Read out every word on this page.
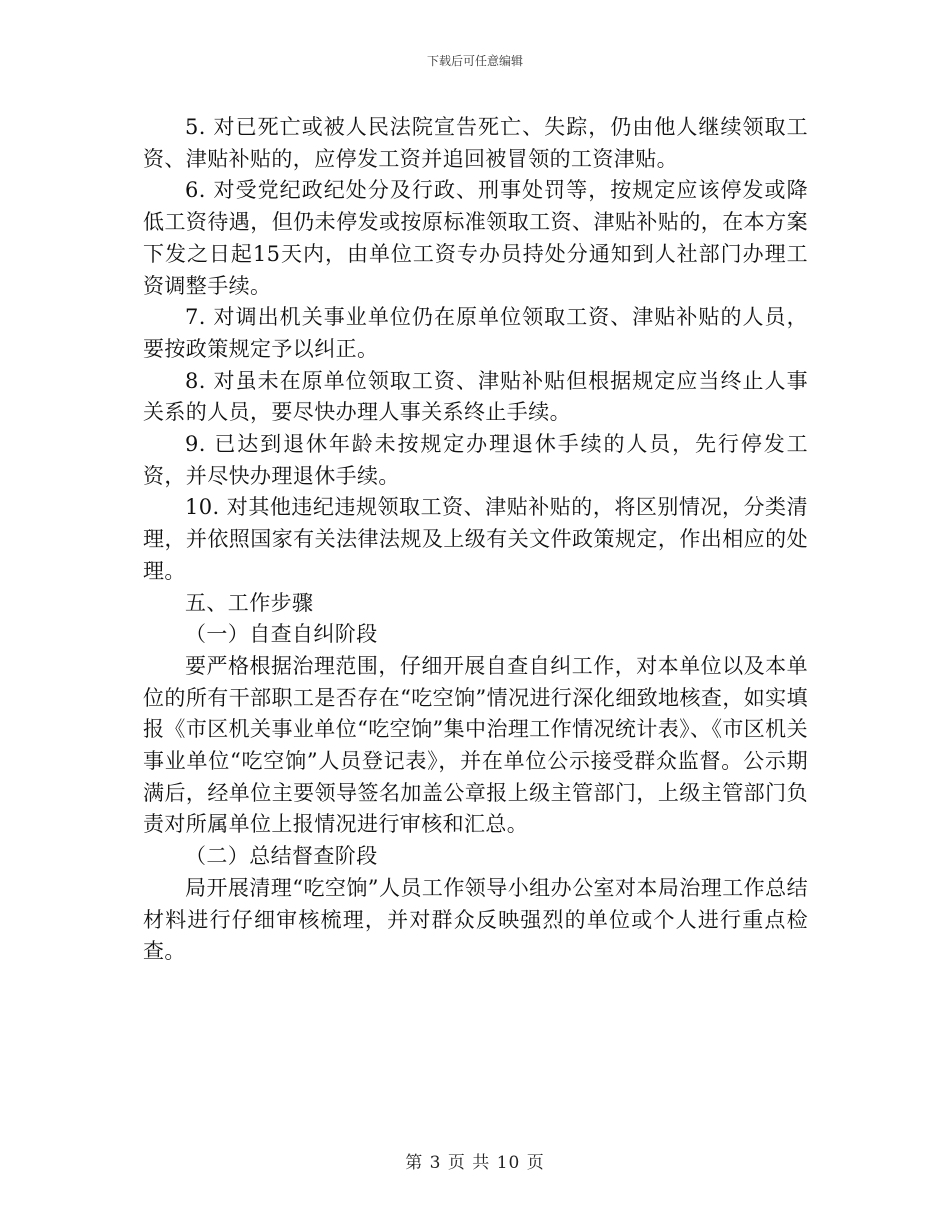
下载后可任意编辑

5. 对已死亡或被人民法院宣告死亡、失踪，仍由他人继续领取工资、津贴补贴的，应停发工资并追回被冒领的工资津贴。

6. 对受党纪政纪处分及行政、刑事处罚等，按规定应该停发或降低工资待遇，但仍未停发或按原标准领取工资、津贴补贴的，在本方案下发之日起15天内，由单位工资专办员持处分通知到人社部门办理工资调整手续。

7. 对调出机关事业单位仍在原单位领取工资、津贴补贴的人员，要按政策规定予以纠正。

8. 对虽未在原单位领取工资、津贴补贴但根据规定应当终止人事关系的人员，要尽快办理人事关系终止手续。

9. 已达到退休年龄未按规定办理退休手续的人员，先行停发工资，并尽快办理退休手续。

10. 对其他违纪违规领取工资、津贴补贴的，将区别情况，分类清理，并依照国家有关法律法规及上级有关文件政策规定，作出相应的处理。

五、工作步骤

（一）自查自纠阶段

要严格根据治理范围，仔细开展自查自纠工作，对本单位以及本单位的所有干部职工是否存在“吃空饷”情况进行深化细致地核查，如实填报《市区机关事业单位“吃空饷”集中治理工作情况统计表》、《市区机关事业单位“吃空饷”人员登记表》，并在单位公示接受群众监督。公示期满后，经单位主要领导签名加盖公章报上级主管部门，上级主管部门负责对所属单位上报情况进行审核和汇总。

（二）总结督查阶段

局开展清理“吃空饷”人员工作领导小组办公室对本局治理工作总结材料进行仔细审核梳理，并对群众反映强烈的单位或个人进行重点检查。

第 3 页 共 10 页
